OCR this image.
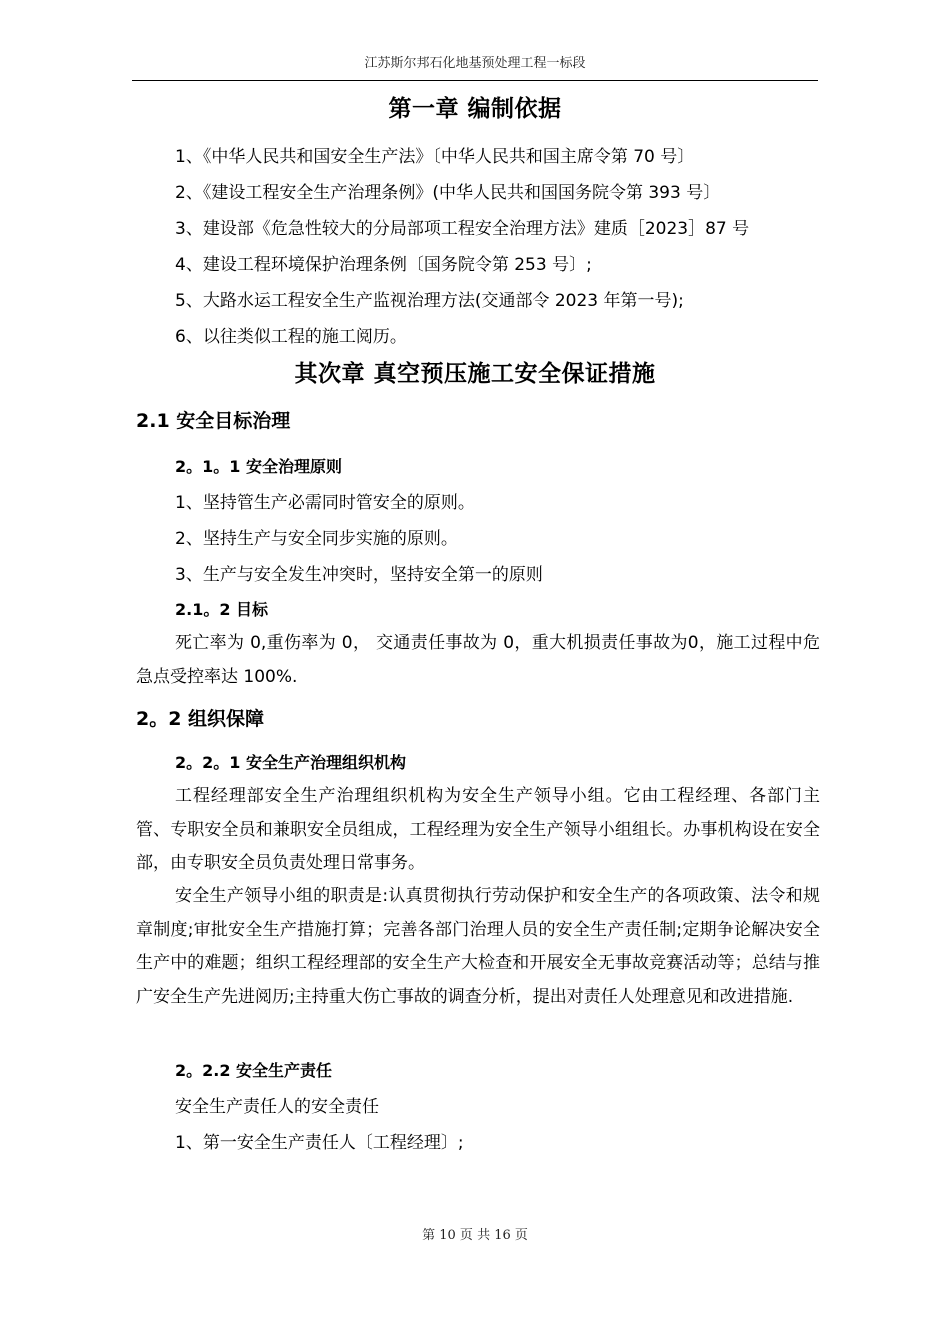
江苏斯尔邦石化地基预处理工程一标段
第一章 编制依据
1、《中华人民共和国安全生产法》〔中华人民共和国主席令第 70 号〕
2、《建设工程安全生产治理条例》(中华人民共和国国务院令第 393 号〕
3、建设部《危急性较大的分局部项工程安全治理方法》建质［2023］87 号
4、建设工程环境保护治理条例〔国务院令第 253 号〕;
5、大路水运工程安全生产监视治理方法(交通部令 2023 年第一号);
6、以往类似工程的施工阅历。
其次章 真空预压施工安全保证措施
2.1 安全目标治理
2。1。1 安全治理原则
1、坚持管生产必需同时管安全的原则。
2、坚持生产与安全同步实施的原则。
3、生产与安全发生冲突时，坚持安全第一的原则
2.1。2 目标

死亡率为 0,重伤率为 0， 交通责任事故为 0，重大机损责任事故为0，施工过程中危急点受控率达 100%.

2。2 组织保障
2。2。1 安全生产治理组织机构

工程经理部安全生产治理组织机构为安全生产领导小组。它由工程经理、各部门主管、专职安全员和兼职安全员组成，工程经理为安全生产领导小组组长。办事机构设在安全部，由专职安全员负责处理日常事务。

安全生产领导小组的职责是:认真贯彻执行劳动保护和安全生产的各项政策、法令和规章制度;审批安全生产措施打算；完善各部门治理人员的安全生产责任制;定期争论解决安全生产中的难题；组织工程经理部的安全生产大检查和开展安全无事故竞赛活动等；总结与推广安全生产先进阅历;主持重大伤亡事故的调查分析，提出对责任人处理意见和改进措施.

2。2.2 安全生产责任
安全生产责任人的安全责任
1、第一安全生产责任人〔工程经理〕;
第 10 页 共 16 页
